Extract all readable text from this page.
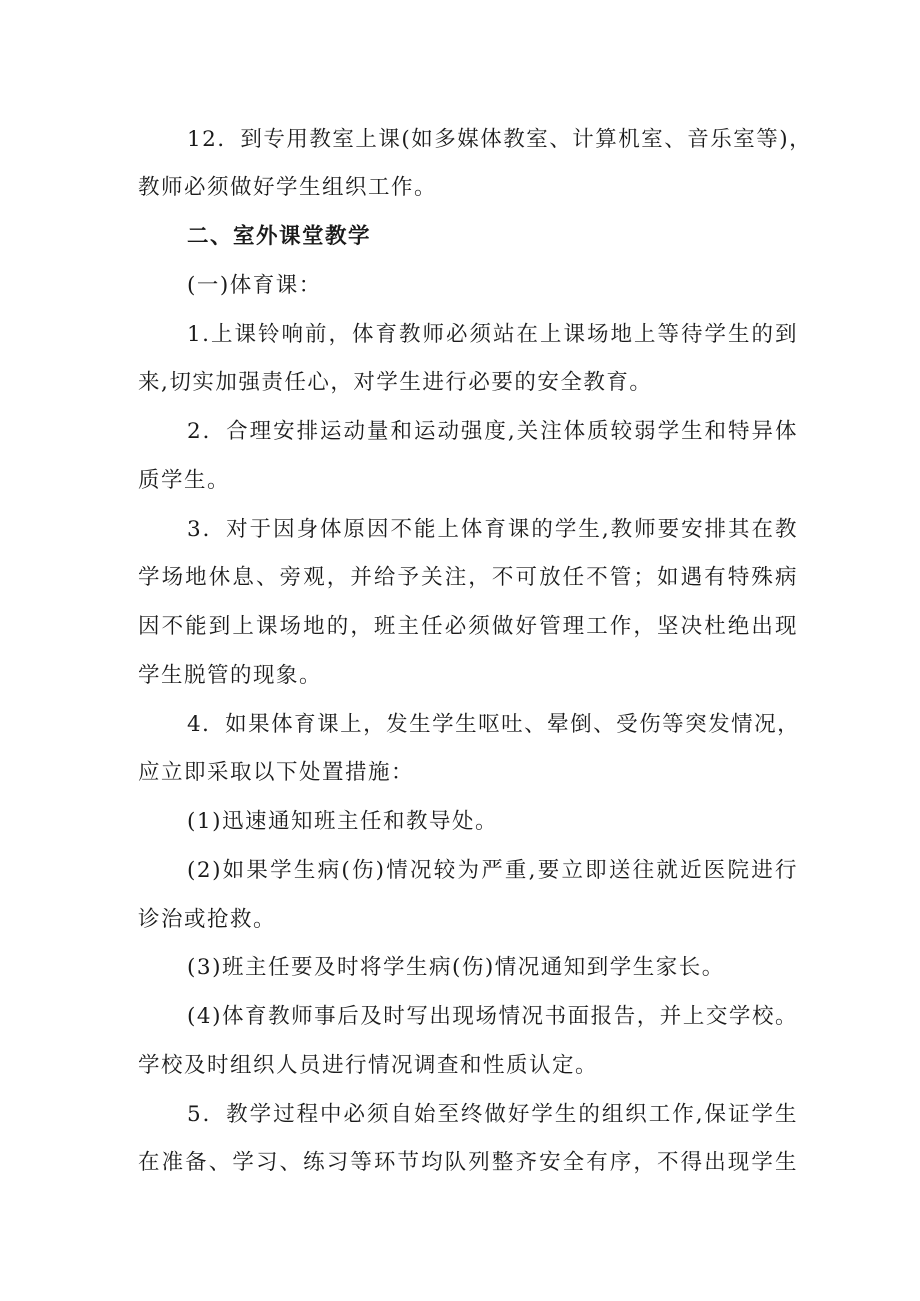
12．到专用教室上课(如多媒体教室、计算机室、音乐室等)，

教师必须做好学生组织工作。

二、室外课堂教学

(一)体育课：

1.上课铃响前，体育教师必须站在上课场地上等待学生的到

来,切实加强责任心，对学生进行必要的安全教育。

2．合理安排运动量和运动强度,关注体质较弱学生和特异体

质学生。

3．对于因身体原因不能上体育课的学生,教师要安排其在教

学场地休息、旁观，并给予关注，不可放任不管；如遇有特殊病

因不能到上课场地的，班主任必须做好管理工作，坚决杜绝出现

学生脱管的现象。

4．如果体育课上，发生学生呕吐、晕倒、受伤等突发情况，

应立即采取以下处置措施：

(1)迅速通知班主任和教导处。

(2)如果学生病(伤)情况较为严重,要立即送往就近医院进行

诊治或抢救。

(3)班主任要及时将学生病(伤)情况通知到学生家长。

(4)体育教师事后及时写出现场情况书面报告，并上交学校。

学校及时组织人员进行情况调查和性质认定。

5．教学过程中必须自始至终做好学生的组织工作,保证学生

在准备、学习、练习等环节均队列整齐安全有序，不得出现学生
